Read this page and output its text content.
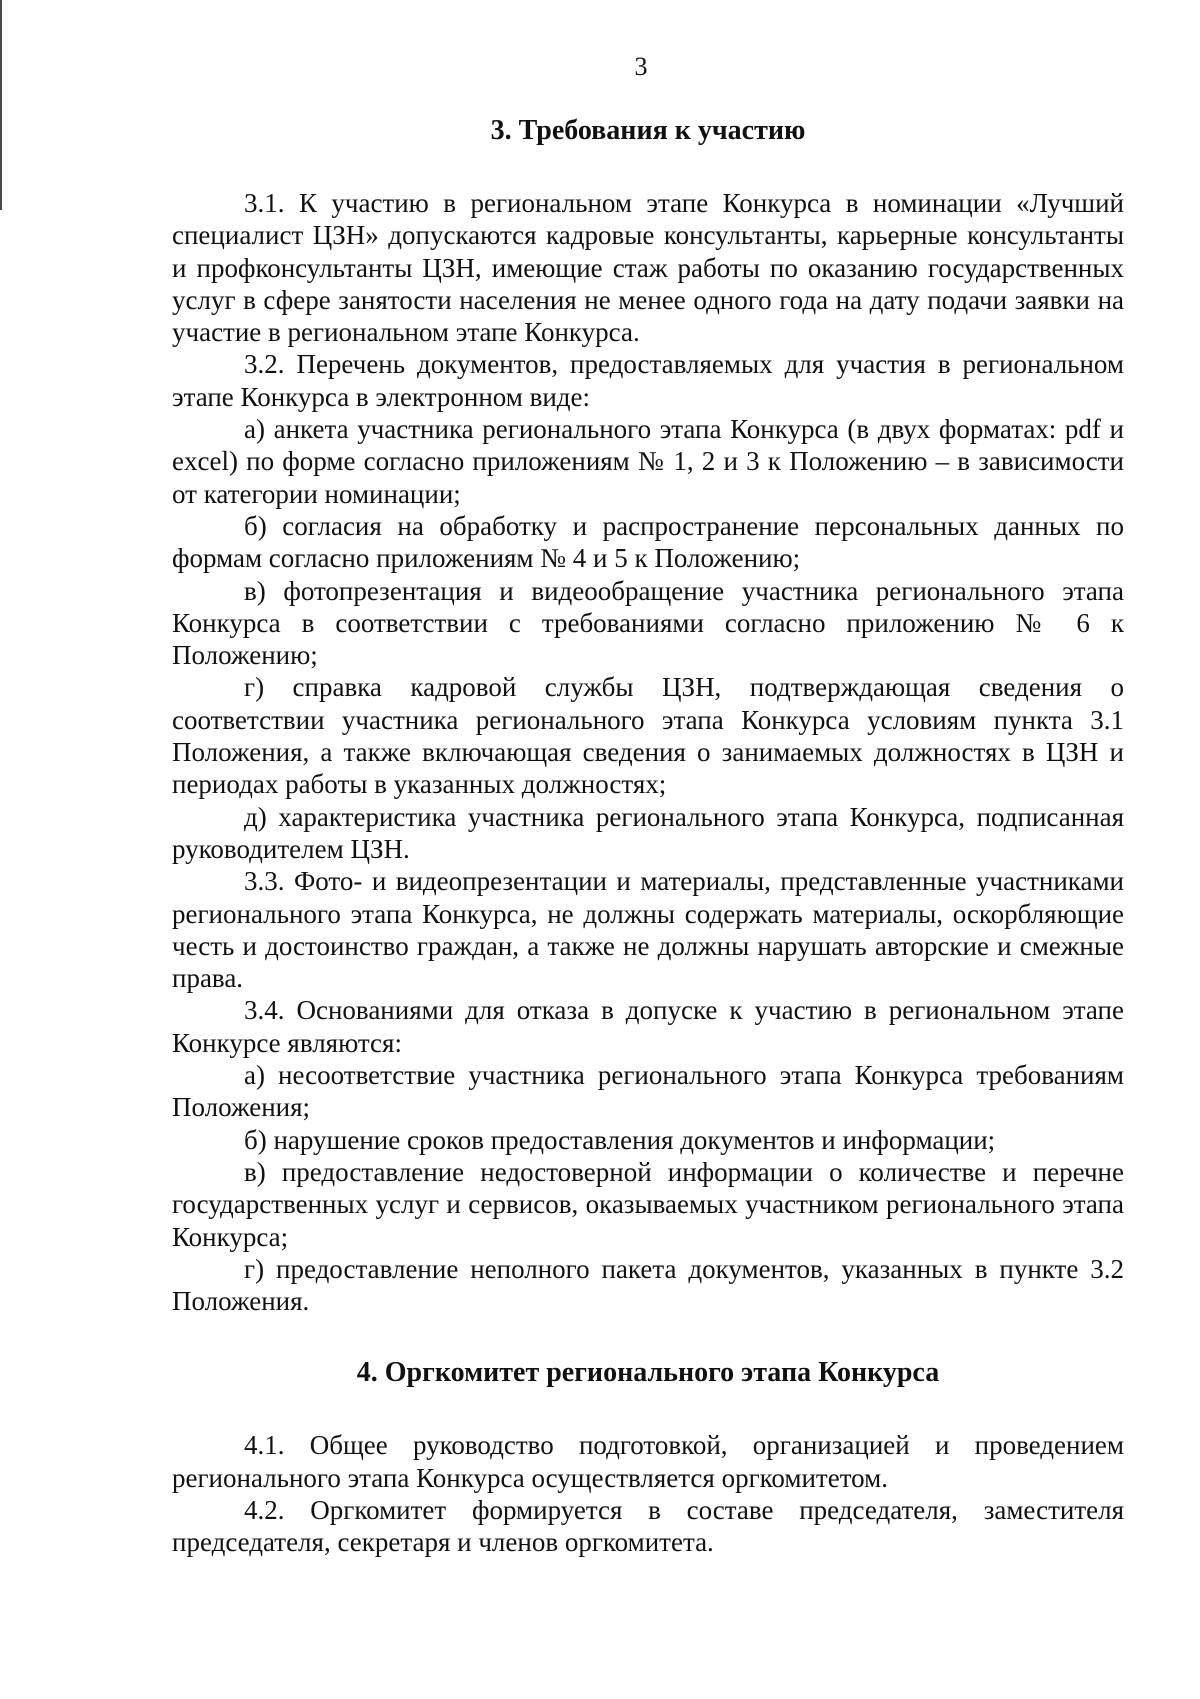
3
3. Требования к участию

3.1. К участию в региональном этапе Конкурса в номинации «Лучший специалист ЦЗН» допускаются кадровые консультанты, карьерные консультанты и профконсультанты ЦЗН, имеющие стаж работы по оказанию государственных услуг в сфере занятости населения не менее одного года на дату подачи заявки на участие в региональном этапе Конкурса.

3.2. Перечень документов, предоставляемых для участия в региональном этапе Конкурса в электронном виде:

а) анкета участника регионального этапа Конкурса (в двух форматах: pdf и excel) по форме согласно приложениям № 1, 2 и 3 к Положению – в зависимости от категории номинации;

б) согласия на обработку и распространение персональных данных по формам согласно приложениям № 4 и 5 к Положению;

в) фотопрезентация и видеообращение участника регионального этапа Конкурса в соответствии с требованиями согласно приложению № 6 к Положению;

г) справка кадровой службы ЦЗН, подтверждающая сведения о соответствии участника регионального этапа Конкурса условиям пункта 3.1 Положения, а также включающая сведения о занимаемых должностях в ЦЗН и периодах работы в указанных должностях;

д) характеристика участника регионального этапа Конкурса, подписанная руководителем ЦЗН.

3.3. Фото- и видеопрезентации и материалы, представленные участниками регионального этапа Конкурса, не должны содержать материалы, оскорбляющие честь и достоинство граждан, а также не должны нарушать авторские и смежные права.

3.4. Основаниями для отказа в допуске к участию в региональном этапе Конкурсе являются:

а) несоответствие участника регионального этапа Конкурса требованиям Положения;

б) нарушение сроков предоставления документов и информации;

в) предоставление недостоверной информации о количестве и перечне государственных услуг и сервисов, оказываемых участником регионального этапа Конкурса;

г) предоставление неполного пакета документов, указанных в пункте 3.2 Положения.

4. Оргкомитет регионального этапа Конкурса

4.1. Общее руководство подготовкой, организацией и проведением регионального этапа Конкурса осуществляется оргкомитетом.

4.2. Оргкомитет формируется в составе председателя, заместителя председателя, секретаря и членов оргкомитета.
